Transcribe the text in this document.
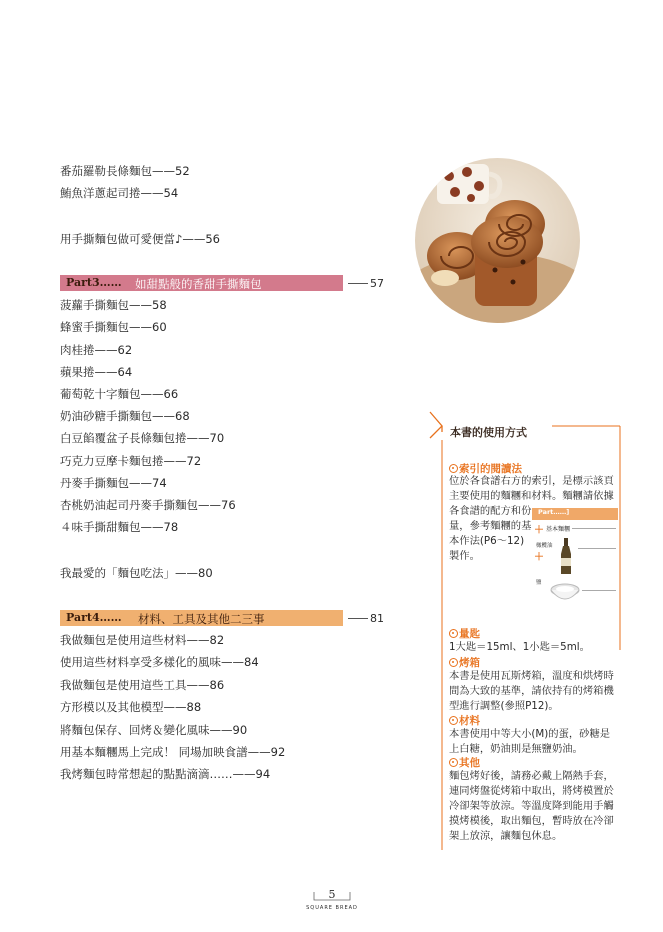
番茄羅勒長條麵包——52
鮪魚洋蔥起司捲——54
用手撕麵包做可愛便當♪——56
Part3…… 如甜點般的香甜手撕麵包	57
菠蘿手撕麵包——58
蜂蜜手撕麵包——60
肉桂捲——62
蘋果捲——64
葡萄乾十字麵包——66
奶油砂糖手撕麵包——68
白豆餡覆盆子長條麵包捲——70
巧克力豆摩卡麵包捲——72
丹麥手撕麵包——74
杏桃奶油起司丹麥手撕麵包——76
４味手撕甜麵包——78
我最愛的「麵包吃法」——80
Part4…… 材料、工具及其他二三事	81
我做麵包是使用這些材料——82
使用這些材料享受多樣化的風味——84
我做麵包是使用這些工具——86
方形模以及其他模型——88
將麵包保存、回烤＆變化風味——90
用基本麵糰馬上完成！ 同場加映食譜——92
我烤麵包時常想起的點點滴滴……——94
本書的使用方式
索引的閱讀法
位於各食譜右方的索引，是標示該頁主要使用的麵糰和材料。麵糰請依據
各食譜的配方和份
量，參考麵糰的基
本作法(P6～12)
製作。
Part……]
＋ 基本麵糰
橄欖油
＋
鹽
量匙
1大匙＝15ml、1小匙＝5ml。
烤箱
本書是使用瓦斯烤箱，溫度和烘烤時間為大致的基準，請依持有的烤箱機型進行調整(參照P12)。
材料
本書使用中等大小(M)的蛋，砂糖是上白糖，奶油則是無鹽奶油。
其他
麵包烤好後，請務必戴上隔熱手套，連同烤盤從烤箱中取出，將烤模置於冷卻架等放涼。等溫度降到能用手觸摸烤模後，取出麵包，暫時放在冷卻架上放涼，讓麵包休息。
5
SQUARE BREAD
